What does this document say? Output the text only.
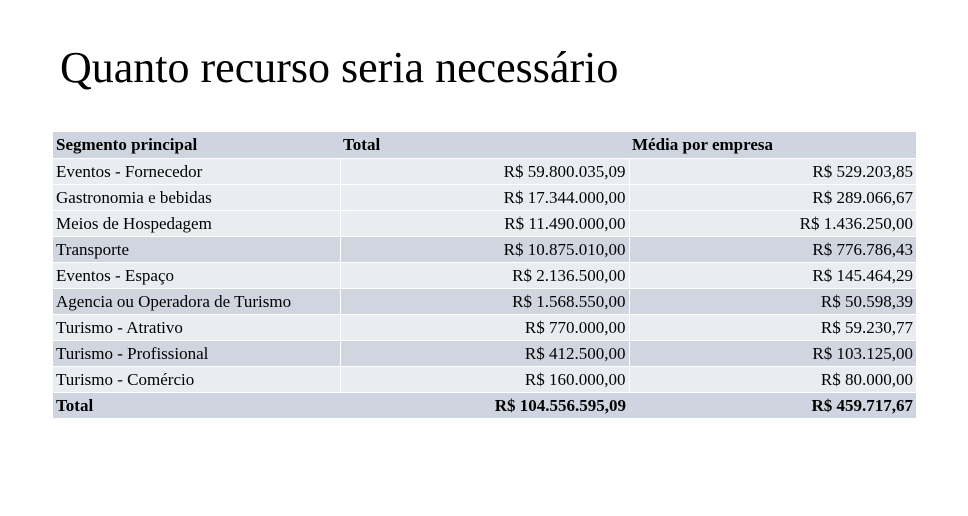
Quanto recurso seria necessário
Segmento principal	Total	Média por empresa
Eventos - Fornecedor	R$ 59.800.035,09	R$ 529.203,85
Gastronomia e bebidas	R$ 17.344.000,00	R$ 289.066,67
Meios de Hospedagem	R$ 11.490.000,00	R$ 1.436.250,00
Transporte	R$ 10.875.010,00	R$ 776.786,43
Eventos - Espaço	R$ 2.136.500,00	R$ 145.464,29
Agencia ou Operadora de Turismo	R$ 1.568.550,00	R$ 50.598,39
Turismo - Atrativo	R$ 770.000,00	R$ 59.230,77
Turismo - Profissional	R$ 412.500,00	R$ 103.125,00
Turismo - Comércio	R$ 160.000,00	R$ 80.000,00
Total	R$ 104.556.595,09	R$ 459.717,67
